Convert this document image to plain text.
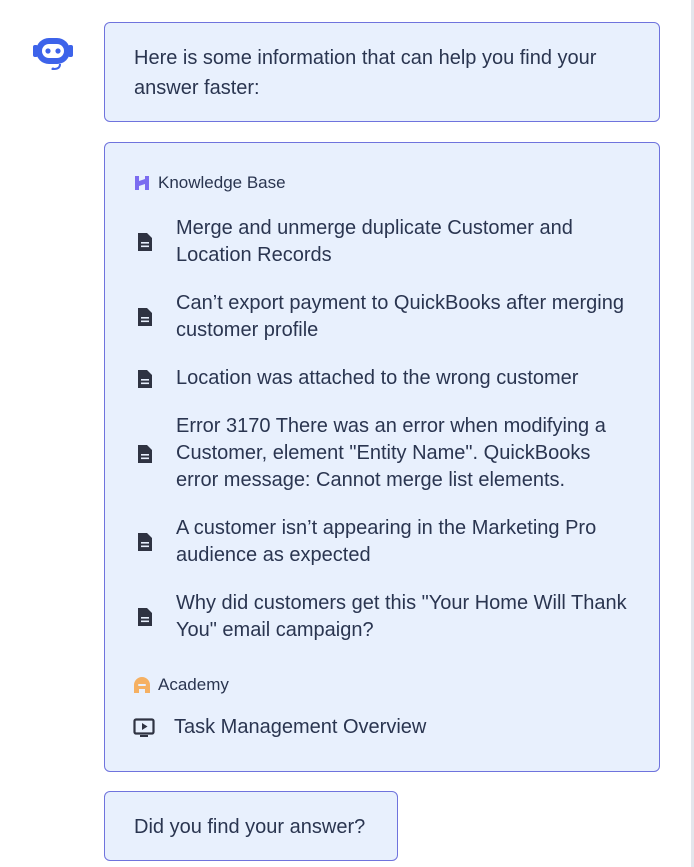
Here is some information that can help you find your answer faster:
Knowledge Base
Merge and unmerge duplicate Customer and Location Records
Can’t export payment to QuickBooks after merging customer profile
Location was attached to the wrong customer
Error 3170 There was an error when modifying a Customer, element "Entity Name". QuickBooks error message: Cannot merge list elements.
A customer isn’t appearing in the Marketing Pro audience as expected
Why did customers get this "Your Home Will Thank You" email campaign?
Academy
Task Management Overview
Did you find your answer?
